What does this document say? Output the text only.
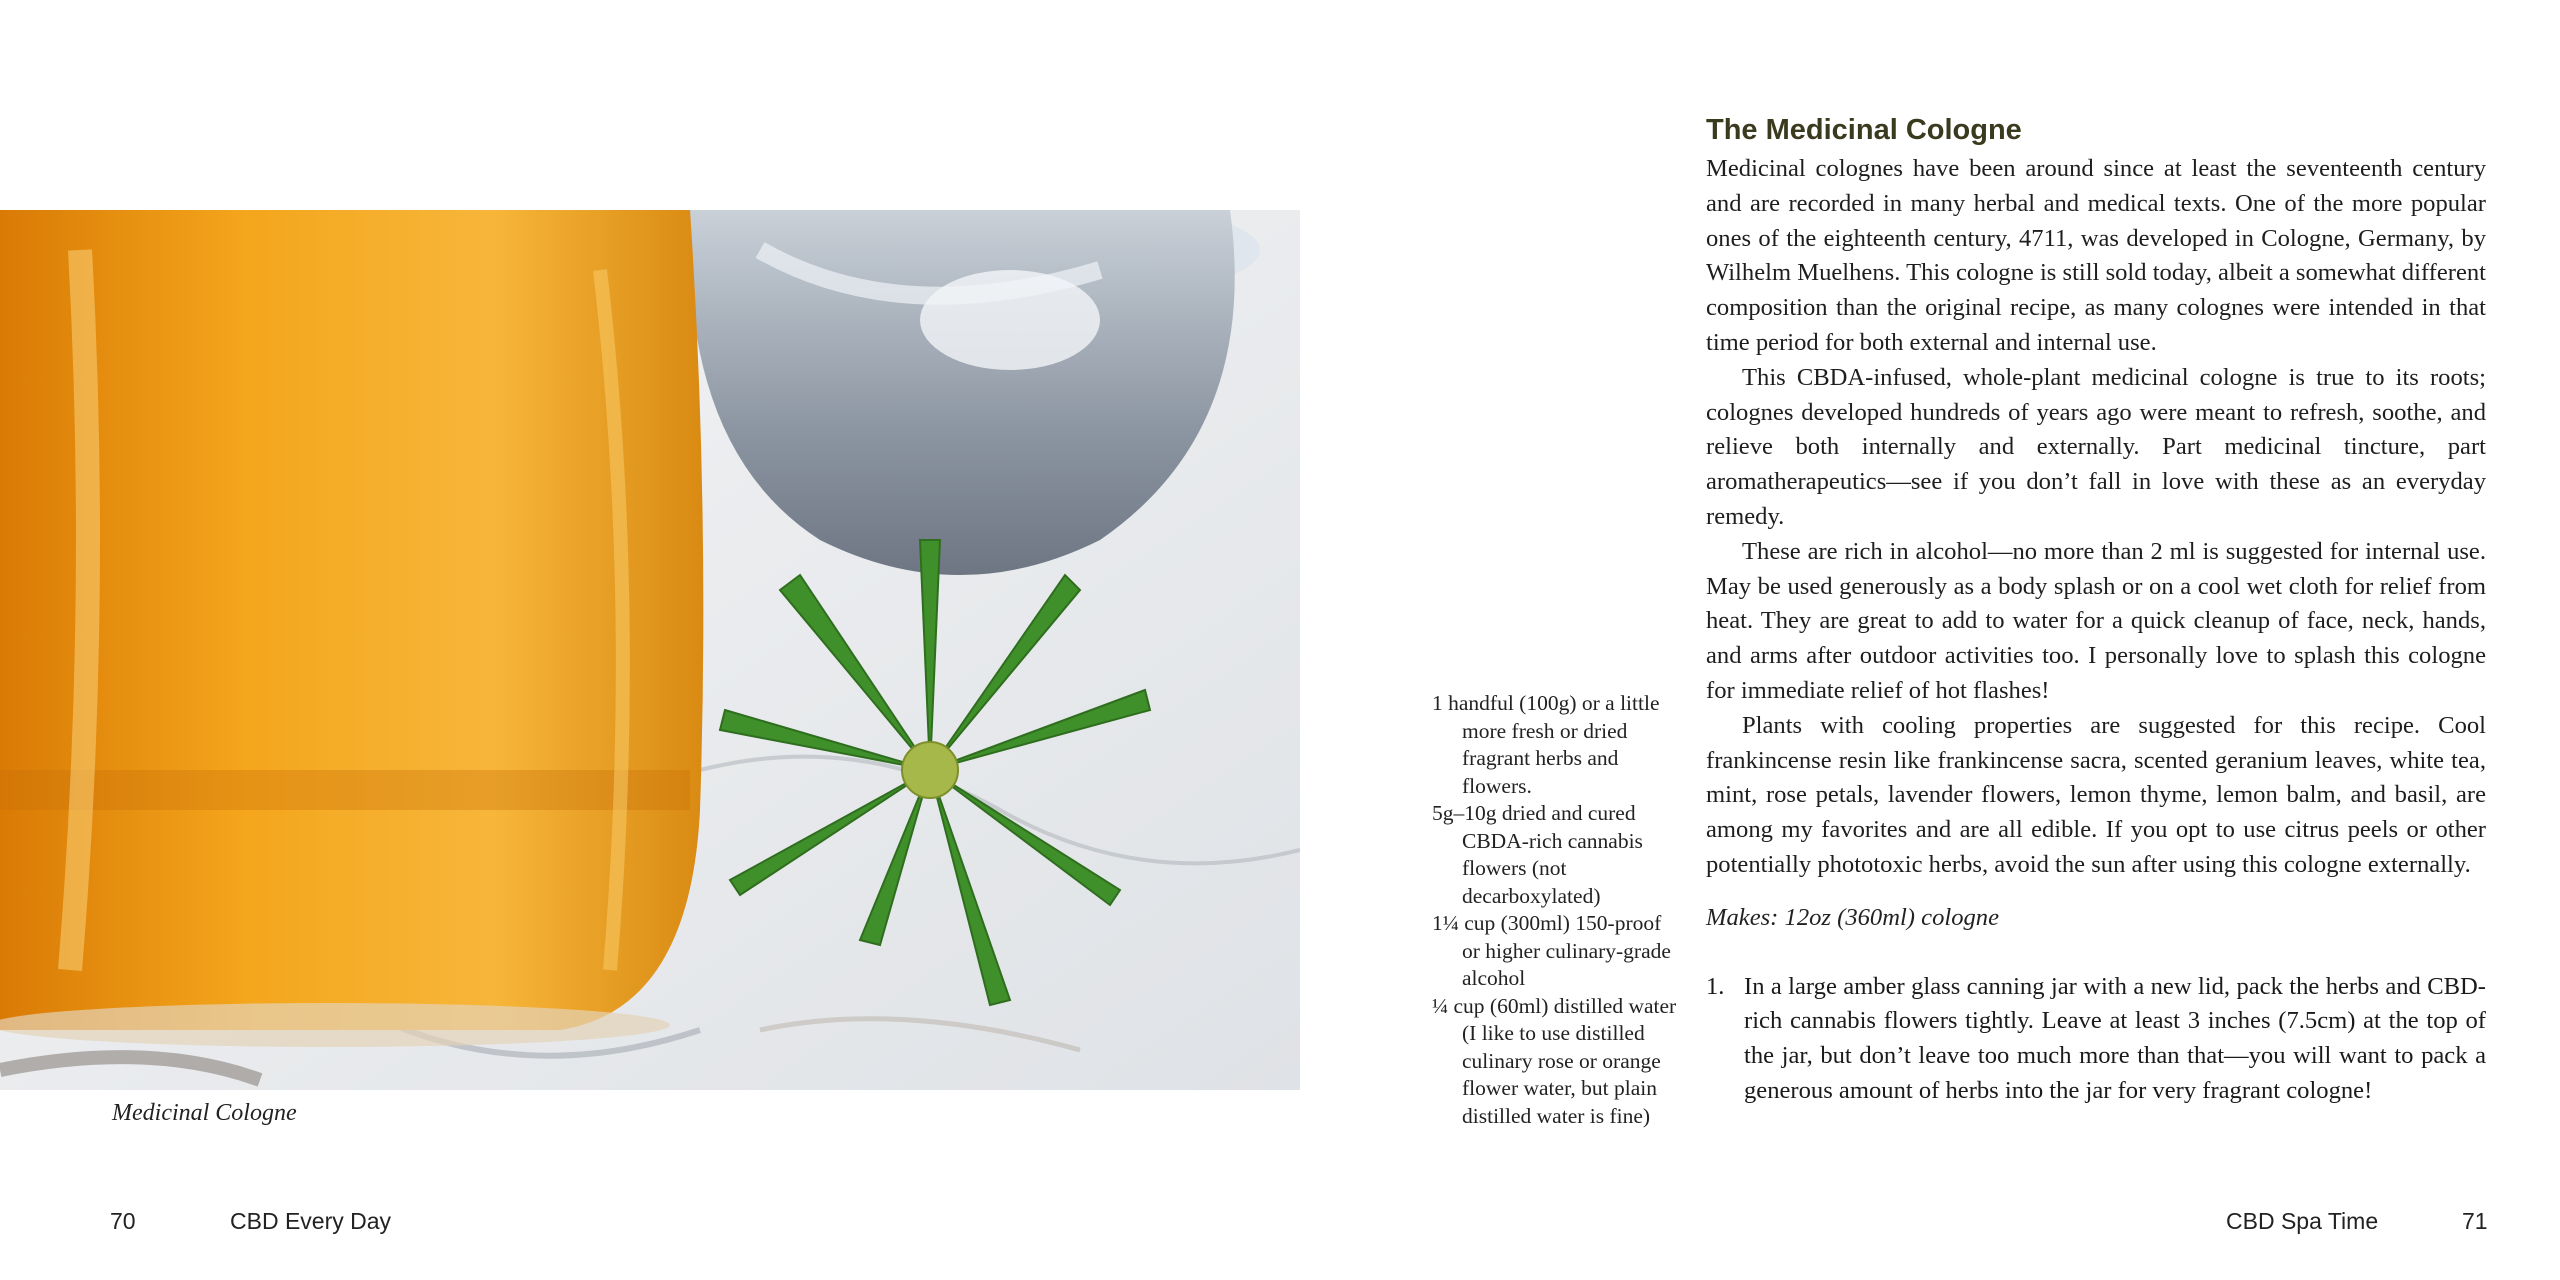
Medicinal Cologne

1 handful (100g) or a little more fresh or dried fragrant herbs and flowers.

5g–10g dried and cured CBDA-rich cannabis flowers (not decarboxylated)

1¼ cup (300ml) 150-proof or higher culinary-grade alcohol

¼ cup (60ml) distilled water (I like to use distilled culinary rose or orange flower water, but plain distilled water is fine)

The Medicinal Cologne

Medicinal colognes have been around since at least the seventeenth century and are recorded in many herbal and medical texts. One of the more popular ones of the eighteenth century, 4711, was developed in Cologne, Germany, by Wilhelm Muelhens. This cologne is still sold today, albeit a somewhat different composition than the original recipe, as many colognes were intended in that time period for both external and internal use.

This CBDA-infused, whole-plant medicinal cologne is true to its roots; colognes developed hundreds of years ago were meant to refresh, soothe, and relieve both internally and externally. Part medicinal tincture, part aromatherapeutics—see if you don’t fall in love with these as an everyday remedy.

These are rich in alcohol—no more than 2 ml is suggested for internal use. May be used generously as a body splash or on a cool wet cloth for relief from heat. They are great to add to water for a quick cleanup of face, neck, hands, and arms after outdoor activities too. I personally love to splash this cologne for immediate relief of hot flashes!

Plants with cooling properties are suggested for this recipe. Cool frankincense resin like frankincense sacra, scented geranium leaves, white tea, mint, rose petals, lavender flowers, lemon thyme, lemon balm, and basil, are among my favorites and are all edible. If you opt to use citrus peels or other potentially phototoxic herbs, avoid the sun after using this cologne externally.

Makes: 12oz (360ml) cologne

1. In a large amber glass canning jar with a new lid, pack the herbs and CBD-rich cannabis flowers tightly. Leave at least 3 inches (7.5cm) at the top of the jar, but don’t leave too much more than that—you will want to pack a generous amount of herbs into the jar for very fragrant cologne!
70	CBD Every Day	CBD Spa Time	71
